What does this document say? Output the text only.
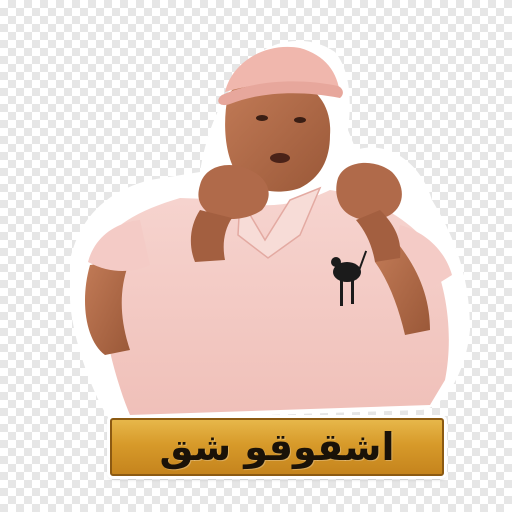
اشقوقو شق
